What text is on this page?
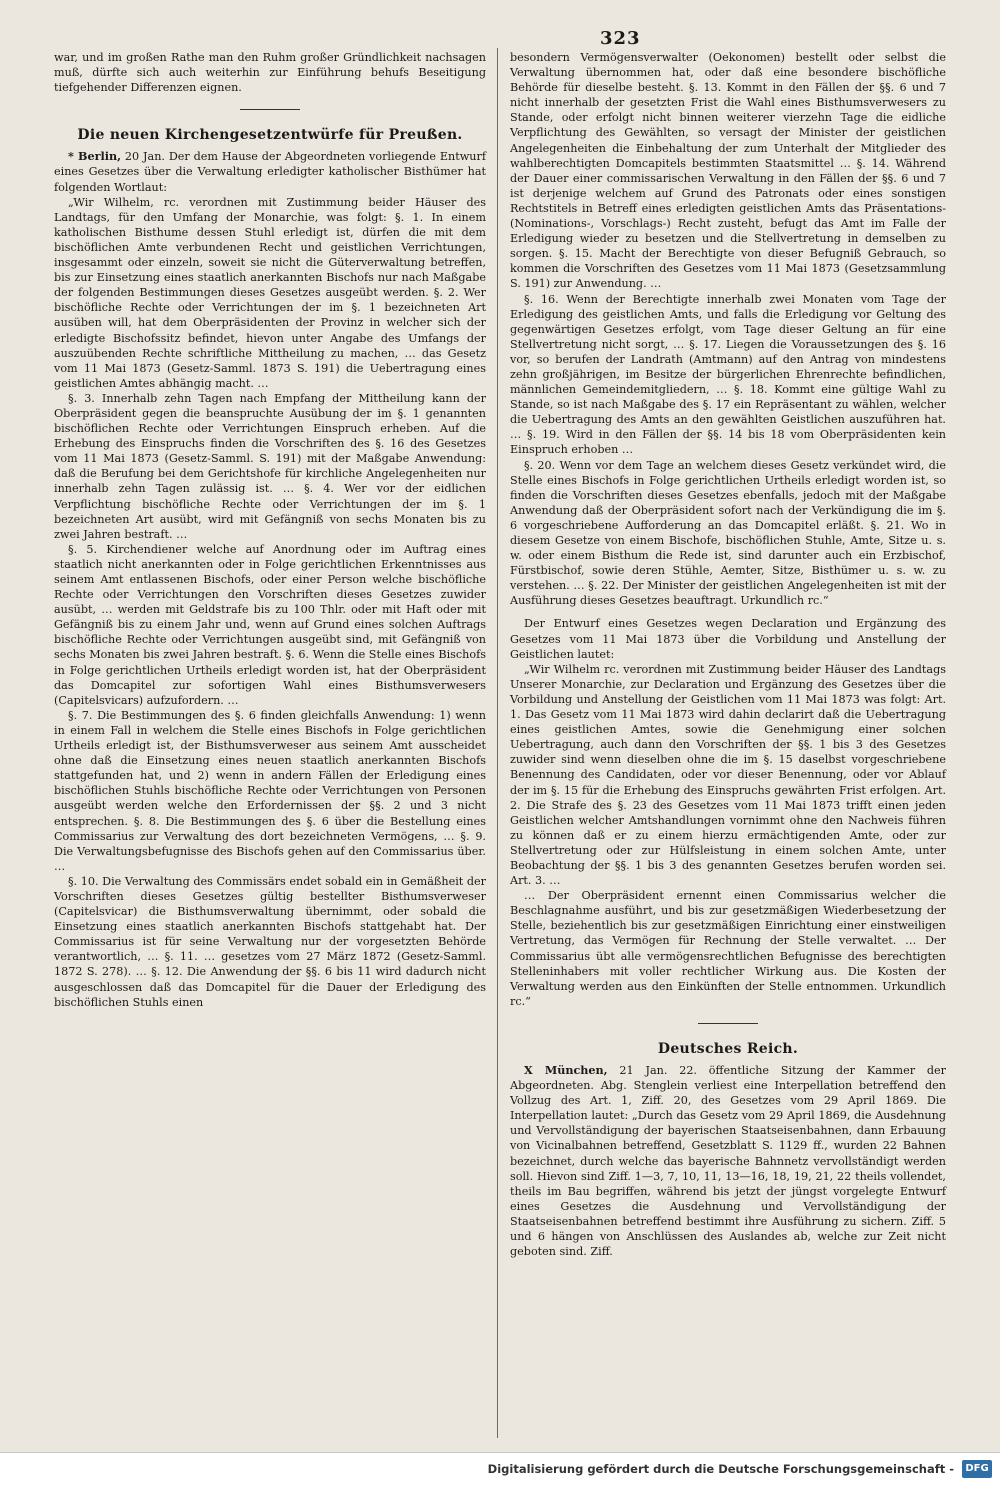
323

war, und im großen Rathe man den Ruhm großer Gründlichkeit nachsagen muß, dürfte sich auch weiterhin zur Einführung behufs Beseitigung tiefgehender Differenzen eignen.

Die neuen Kirchengesetzentwürfe für Preußen.

* Berlin, 20 Jan. Der dem Hause der Abgeordneten vorliegende Entwurf eines Gesetzes über die Verwaltung erledigter katholischer Bisthümer hat folgenden Wortlaut:

„Wir Wilhelm, rc. verordnen mit Zustimmung beider Häuser des Landtags, für den Umfang der Monarchie, was folgt: §. 1. In einem katholischen Bisthume dessen Stuhl erledigt ist, dürfen die mit dem bischöflichen Amte verbundenen Recht und geistlichen Verrichtungen, insgesammt oder einzeln, soweit sie nicht die Güterverwaltung betreffen, bis zur Einsetzung eines staatlich anerkannten Bischofs nur nach Maßgabe der folgenden Bestimmungen dieses Gesetzes ausgeübt werden. §. 2. Wer bischöfliche Rechte oder Verrichtungen der im §. 1 bezeichneten Art ausüben will, hat dem Oberpräsidenten der Provinz in welcher sich der erledigte Bischofssitz befindet, hievon unter Angabe des Umfangs der auszuübenden Rechte schriftliche Mittheilung zu machen, … das Gesetz vom 11 Mai 1873 (Gesetz-Samml. 1873 S. 191) die Uebertragung eines geistlichen Amtes abhängig macht. …

§. 3. Innerhalb zehn Tagen nach Empfang der Mittheilung kann der Oberpräsident gegen die beanspruchte Ausübung der im §. 1 genannten bischöflichen Rechte oder Verrichtungen Einspruch erheben. Auf die Erhebung des Einspruchs finden die Vorschriften des §. 16 des Gesetzes vom 11 Mai 1873 (Gesetz-Samml. S. 191) mit der Maßgabe Anwendung: daß die Berufung bei dem Gerichtshofe für kirchliche Angelegenheiten nur innerhalb zehn Tagen zulässig ist. … §. 4. Wer vor der eidlichen Verpflichtung bischöfliche Rechte oder Verrichtungen der im §. 1 bezeichneten Art ausübt, wird mit Gefängniß von sechs Monaten bis zu zwei Jahren bestraft. …

§. 5. Kirchendiener welche auf Anordnung oder im Auftrag eines staatlich nicht anerkannten oder in Folge gerichtlichen Erkenntnisses aus seinem Amt entlassenen Bischofs, oder einer Person welche bischöfliche Rechte oder Verrichtungen den Vorschriften dieses Gesetzes zuwider ausübt, … werden mit Geldstrafe bis zu 100 Thlr. oder mit Haft oder mit Gefängniß bis zu einem Jahr und, wenn auf Grund eines solchen Auftrags bischöfliche Rechte oder Verrichtungen ausgeübt sind, mit Gefängniß von sechs Monaten bis zwei Jahren bestraft. §. 6. Wenn die Stelle eines Bischofs in Folge gerichtlichen Urtheils erledigt worden ist, hat der Oberpräsident das Domcapitel zur sofortigen Wahl eines Bisthumsverwesers (Capitelsvicars) aufzufordern. …

§. 7. Die Bestimmungen des §. 6 finden gleichfalls Anwendung: 1) wenn in einem Fall in welchem die Stelle eines Bischofs in Folge gerichtlichen Urtheils erledigt ist, der Bisthumsverweser aus seinem Amt ausscheidet ohne daß die Einsetzung eines neuen staatlich anerkannten Bischofs stattgefunden hat, und 2) wenn in andern Fällen der Erledigung eines bischöflichen Stuhls bischöfliche Rechte oder Verrichtungen von Personen ausgeübt werden welche den Erfordernissen der §§. 2 und 3 nicht entsprechen. §. 8. Die Bestimmungen des §. 6 über die Bestellung eines Commissarius zur Verwaltung des dort bezeichneten Vermögens, … §. 9. Die Verwaltungsbefugnisse des Bischofs gehen auf den Commissarius über. …

§. 10. Die Verwaltung des Commissärs endet sobald ein in Gemäßheit der Vorschriften dieses Gesetzes gültig bestellter Bisthumsverweser (Capitelsvicar) die Bisthumsverwaltung übernimmt, oder sobald die Einsetzung eines staatlich anerkannten Bischofs stattgehabt hat. Der Commissarius ist für seine Verwaltung nur der vorgesetzten Behörde verantwortlich, … §. 11. … gesetzes vom 27 März 1872 (Gesetz-Samml. 1872 S. 278). … §. 12. Die Anwendung der §§. 6 bis 11 wird dadurch nicht ausgeschlossen daß das Domcapitel für die Dauer der Erledigung des bischöflichen Stuhls einen

besondern Vermögensverwalter (Oekonomen) bestellt oder selbst die Verwaltung übernommen hat, oder daß eine besondere bischöfliche Behörde für dieselbe besteht. §. 13. Kommt in den Fällen der §§. 6 und 7 nicht innerhalb der gesetzten Frist die Wahl eines Bisthumsverwesers zu Stande, oder erfolgt nicht binnen weiterer vierzehn Tage die eidliche Verpflichtung des Gewählten, so versagt der Minister der geistlichen Angelegenheiten die Einbehaltung der zum Unterhalt der Mitglieder des wahlberechtigten Domcapitels bestimmten Staatsmittel … §. 14. Während der Dauer einer commissarischen Verwaltung in den Fällen der §§. 6 und 7 ist derjenige welchem auf Grund des Patronats oder eines sonstigen Rechtstitels in Betreff eines erledigten geistlichen Amts das Präsentations- (Nominations-, Vorschlags-) Recht zusteht, befugt das Amt im Falle der Erledigung wieder zu besetzen und die Stellvertretung in demselben zu sorgen. §. 15. Macht der Berechtigte von dieser Befugniß Gebrauch, so kommen die Vorschriften des Gesetzes vom 11 Mai 1873 (Gesetzsammlung S. 191) zur Anwendung. …

§. 16. Wenn der Berechtigte innerhalb zwei Monaten vom Tage der Erledigung des geistlichen Amts, und falls die Erledigung vor Geltung des gegenwärtigen Gesetzes erfolgt, vom Tage dieser Geltung an für eine Stellvertretung nicht sorgt, … §. 17. Liegen die Voraussetzungen des §. 16 vor, so berufen der Landrath (Amtmann) auf den Antrag von mindestens zehn großjährigen, im Besitze der bürgerlichen Ehrenrechte befindlichen, männlichen Gemeindemitgliedern, … §. 18. Kommt eine gültige Wahl zu Stande, so ist nach Maßgabe des §. 17 ein Repräsentant zu wählen, welcher die Uebertragung des Amts an den gewählten Geistlichen auszuführen hat. … §. 19. Wird in den Fällen der §§. 14 bis 18 vom Oberpräsidenten kein Einspruch erhoben …

§. 20. Wenn vor dem Tage an welchem dieses Gesetz verkündet wird, die Stelle eines Bischofs in Folge gerichtlichen Urtheils erledigt worden ist, so finden die Vorschriften dieses Gesetzes ebenfalls, jedoch mit der Maßgabe Anwendung daß der Oberpräsident sofort nach der Verkündigung die im §. 6 vorgeschriebene Aufforderung an das Domcapitel erläßt. §. 21. Wo in diesem Gesetze von einem Bischofe, bischöflichen Stuhle, Amte, Sitze u. s. w. oder einem Bisthum die Rede ist, sind darunter auch ein Erzbischof, Fürstbischof, sowie deren Stühle, Aemter, Sitze, Bisthümer u. s. w. zu verstehen. … §. 22. Der Minister der geistlichen Angelegenheiten ist mit der Ausführung dieses Gesetzes beauftragt. Urkundlich rc.“

Der Entwurf eines Gesetzes wegen Declaration und Ergänzung des Gesetzes vom 11 Mai 1873 über die Vorbildung und Anstellung der Geistlichen lautet:

„Wir Wilhelm rc. verordnen mit Zustimmung beider Häuser des Landtags Unserer Monarchie, zur Declaration und Ergänzung des Gesetzes über die Vorbildung und Anstellung der Geistlichen vom 11 Mai 1873 was folgt: Art. 1. Das Gesetz vom 11 Mai 1873 wird dahin declarirt daß die Uebertragung eines geistlichen Amtes, sowie die Genehmigung einer solchen Uebertragung, auch dann den Vorschriften der §§. 1 bis 3 des Gesetzes zuwider sind wenn dieselben ohne die im §. 15 daselbst vorgeschriebene Benennung des Candidaten, oder vor dieser Benennung, oder vor Ablauf der im §. 15 für die Erhebung des Einspruchs gewährten Frist erfolgen. Art. 2. Die Strafe des §. 23 des Gesetzes vom 11 Mai 1873 trifft einen jeden Geistlichen welcher Amtshandlungen vornimmt ohne den Nachweis führen zu können daß er zu einem hierzu ermächtigenden Amte, oder zur Stellvertretung oder zur Hülfsleistung in einem solchen Amte, unter Beobachtung der §§. 1 bis 3 des genannten Gesetzes berufen worden sei. Art. 3. …

… Der Oberpräsident ernennt einen Commissarius welcher die Beschlagnahme ausführt, und bis zur gesetzmäßigen Wiederbesetzung der Stelle, beziehentlich bis zur gesetzmäßigen Einrichtung einer einstweiligen Vertretung, das Vermögen für Rechnung der Stelle verwaltet. … Der Commissarius übt alle vermögensrechtlichen Befugnisse des berechtigten Stelleninhabers mit voller rechtlicher Wirkung aus. Die Kosten der Verwaltung werden aus den Einkünften der Stelle entnommen. Urkundlich rc.“

Deutsches Reich.

X München, 21 Jan. 22. öffentliche Sitzung der Kammer der Abgeordneten. Abg. Stenglein verliest eine Interpellation betreffend den Vollzug des Art. 1, Ziff. 20, des Gesetzes vom 29 April 1869. Die Interpellation lautet: „Durch das Gesetz vom 29 April 1869, die Ausdehnung und Vervollständigung der bayerischen Staatseisenbahnen, dann Erbauung von Vicinalbahnen betreffend, Gesetzblatt S. 1129 ff., wurden 22 Bahnen bezeichnet, durch welche das bayerische Bahnnetz vervollständigt werden soll. Hievon sind Ziff. 1—3, 7, 10, 11, 13—16, 18, 19, 21, 22 theils vollendet, theils im Bau begriffen, während bis jetzt der jüngst vorgelegte Entwurf eines Gesetzes die Ausdehnung und Vervollständigung der Staatseisenbahnen betreffend bestimmt ihre Ausführung zu sichern. Ziff. 5 und 6 hängen von Anschlüssen des Auslandes ab, welche zur Zeit nicht geboten sind. Ziff.

Digitalisierung gefördert durch die Deutsche Forschungsgemeinschaft -	DFG
